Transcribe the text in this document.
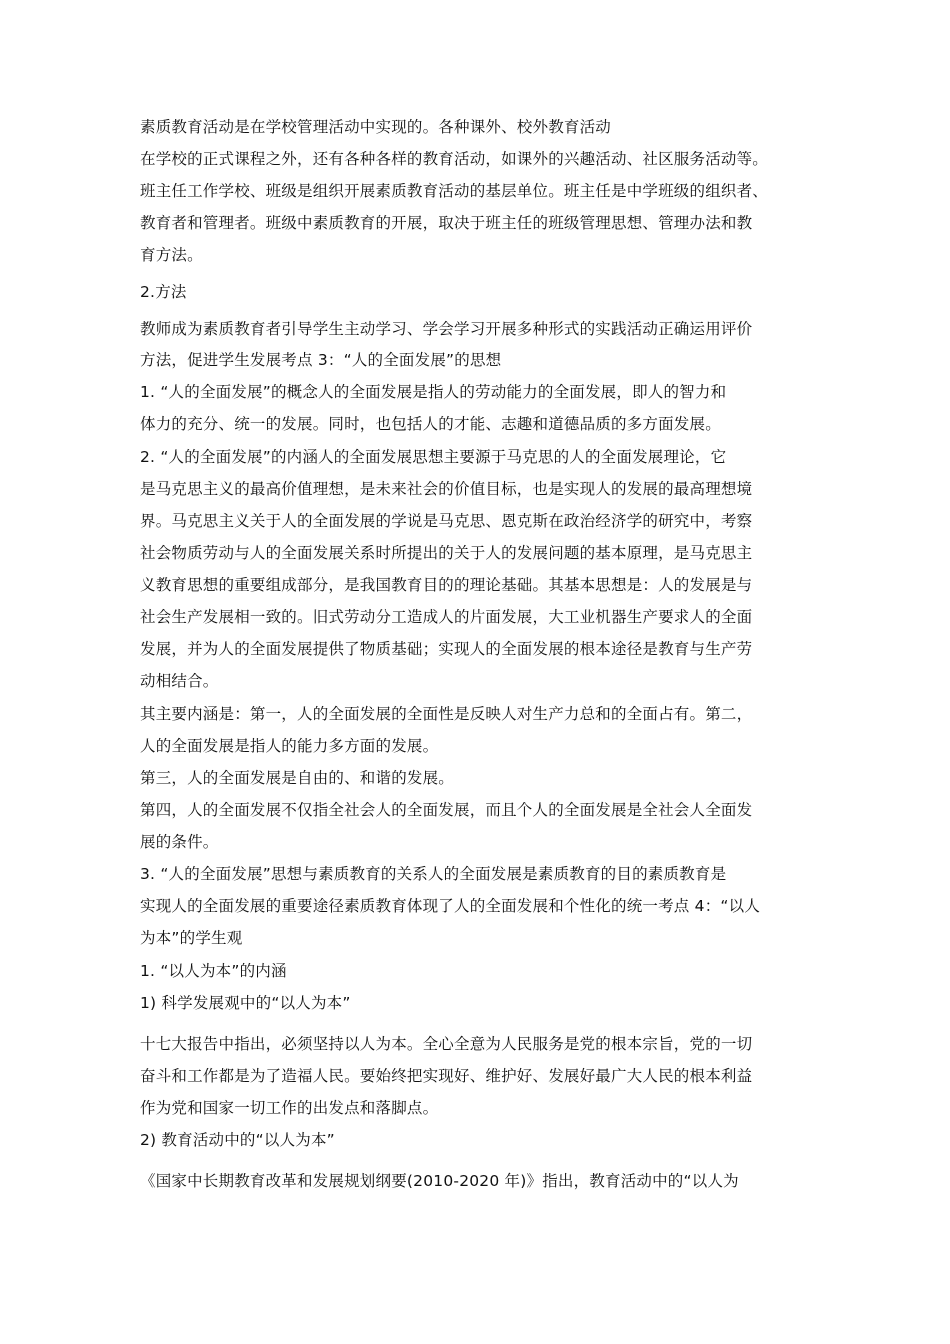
素质教育活动是在学校管理活动中实现的。各种课外、校外教育活动

在学校的正式课程之外，还有各种各样的教育活动，如课外的兴趣活动、社区服务活动等。

班主任工作学校、班级是组织开展素质教育活动的基层单位。班主任是中学班级的组织者、

教育者和管理者。班级中素质教育的开展，取决于班主任的班级管理思想、管理办法和教

育方法。

2.方法

教师成为素质教育者引导学生主动学习、学会学习开展多种形式的实践活动正确运用评价

方法，促进学生发展考点 3：“人的全面发展”的思想

1. “人的全面发展”的概念人的全面发展是指人的劳动能力的全面发展，即人的智力和

体力的充分、统一的发展。同时，也包括人的才能、志趣和道德品质的多方面发展。

2. “人的全面发展”的内涵人的全面发展思想主要源于马克思的人的全面发展理论，它

是马克思主义的最高价值理想，是未来社会的价值目标，也是实现人的发展的最高理想境

界。马克思主义关于人的全面发展的学说是马克思、恩克斯在政治经济学的研究中，考察

社会物质劳动与人的全面发展关系时所提出的关于人的发展问题的基本原理，是马克思主

义教育思想的重要组成部分，是我国教育目的的理论基础。其基本思想是：人的发展是与

社会生产发展相一致的。旧式劳动分工造成人的片面发展，大工业机器生产要求人的全面

发展，并为人的全面发展提供了物质基础；实现人的全面发展的根本途径是教育与生产劳

动相结合。

其主要内涵是：第一，人的全面发展的全面性是反映人对生产力总和的全面占有。第二，

人的全面发展是指人的能力多方面的发展。

第三，人的全面发展是自由的、和谐的发展。

第四，人的全面发展不仅指全社会人的全面发展，而且个人的全面发展是全社会人全面发

展的条件。

3. “人的全面发展”思想与素质教育的关系人的全面发展是素质教育的目的素质教育是

实现人的全面发展的重要途径素质教育体现了人的全面发展和个性化的统一考点 4：“以人

为本”的学生观

1. “以人为本”的内涵

1) 科学发展观中的“以人为本”

十七大报告中指出，必须坚持以人为本。全心全意为人民服务是党的根本宗旨，党的一切

奋斗和工作都是为了造福人民。要始终把实现好、维护好、发展好最广大人民的根本利益

作为党和国家一切工作的出发点和落脚点。

2) 教育活动中的“以人为本”

《国家中长期教育改革和发展规划纲要(2010-2020 年)》指出，教育活动中的“以人为
